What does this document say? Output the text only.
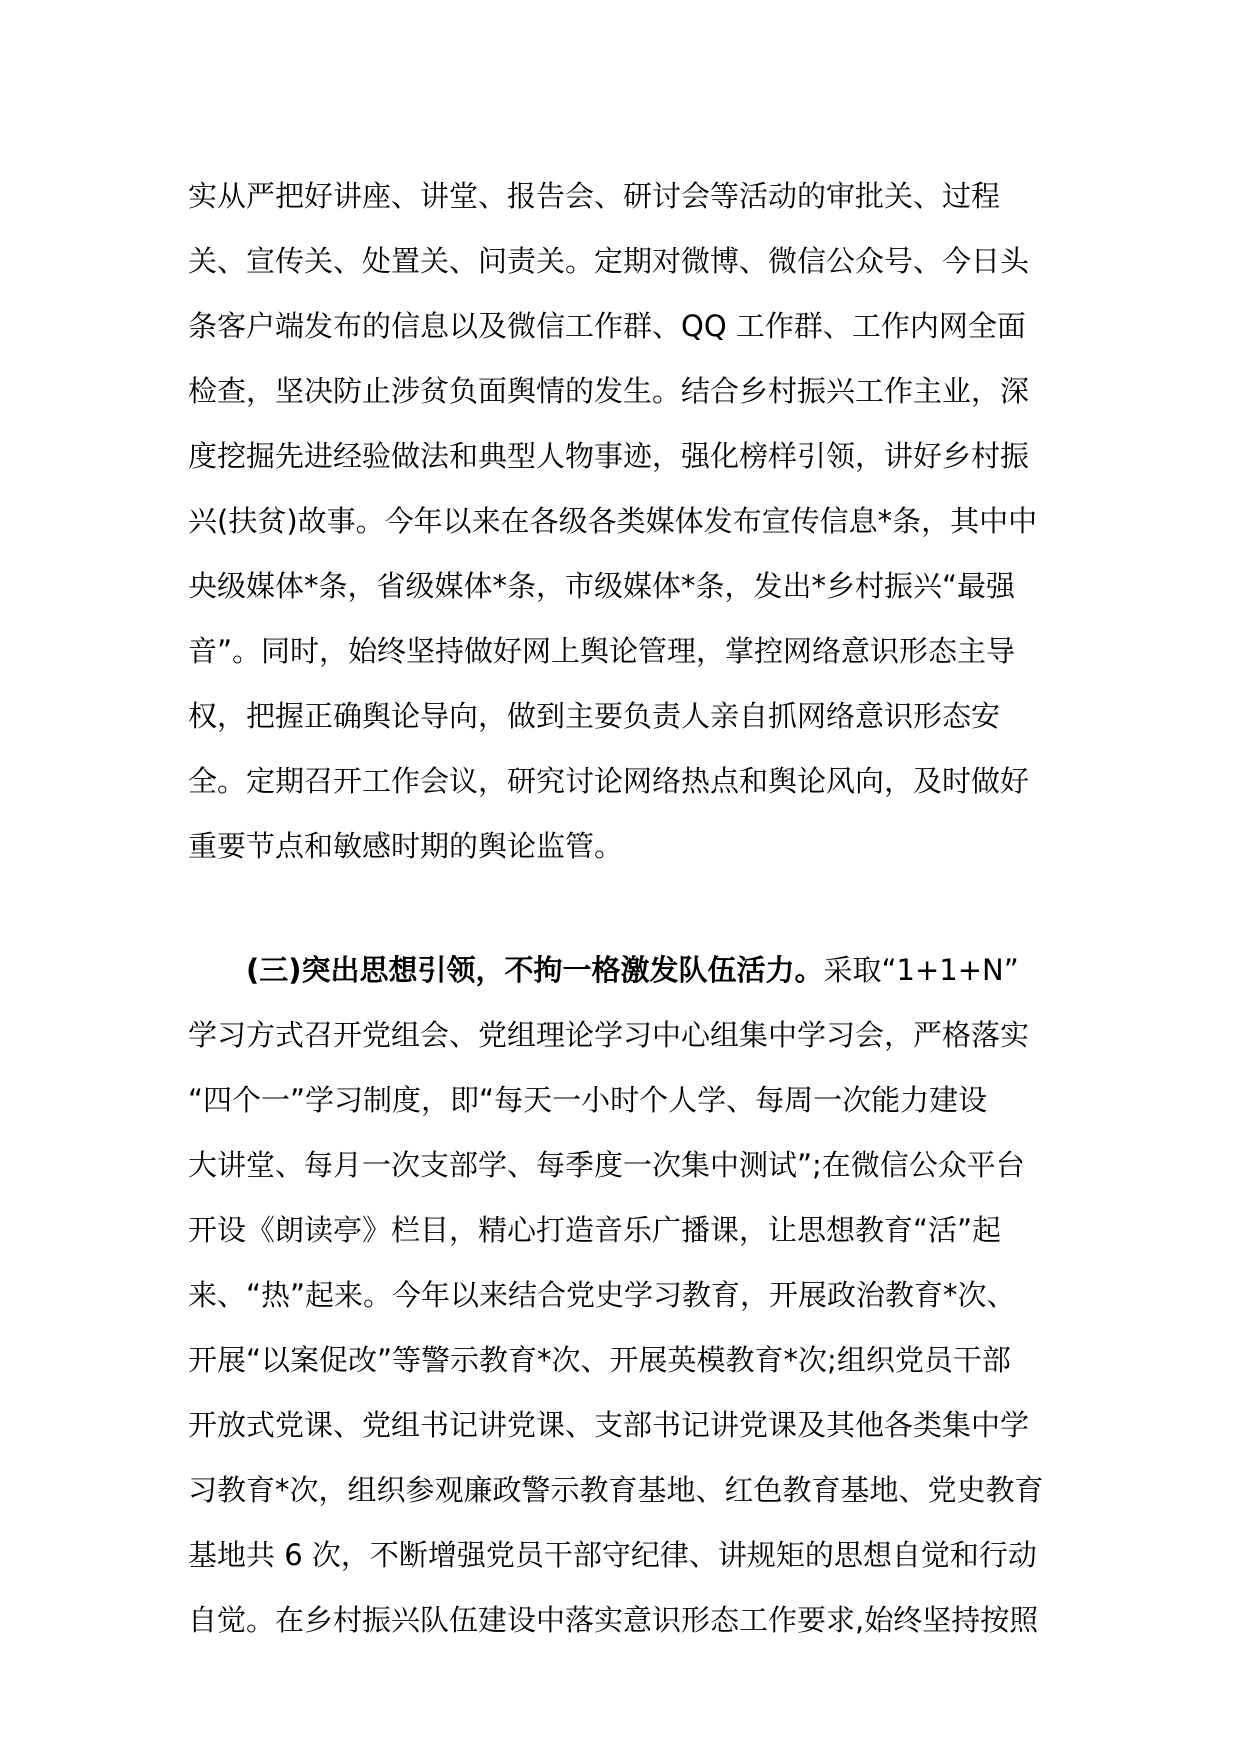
实从严把好讲座、讲堂、报告会、研讨会等活动的审批关、过程
关、宣传关、处置关、问责关。定期对微博、微信公众号、今日头
条客户端发布的信息以及微信工作群、QQ 工作群、工作内网全面
检查，坚决防止涉贫负面舆情的发生。结合乡村振兴工作主业，深
度挖掘先进经验做法和典型人物事迹，强化榜样引领，讲好乡村振
兴(扶贫)故事。今年以来在各级各类媒体发布宣传信息*条，其中中
央级媒体*条，省级媒体*条，市级媒体*条，发出*乡村振兴“最强
音”。同时，始终坚持做好网上舆论管理，掌控网络意识形态主导
权，把握正确舆论导向，做到主要负责人亲自抓网络意识形态安
全。定期召开工作会议，研究讨论网络热点和舆论风向，及时做好
重要节点和敏感时期的舆论监管。
(三)突出思想引领，不拘一格激发队伍活力。采取“1+1+N”
学习方式召开党组会、党组理论学习中心组集中学习会，严格落实
“四个一”学习制度，即“每天一小时个人学、每周一次能力建设
大讲堂、每月一次支部学、每季度一次集中测试”;在微信公众平台
开设《朗读亭》栏目，精心打造音乐广播课，让思想教育“活”起
来、“热”起来。今年以来结合党史学习教育，开展政治教育*次、
开展“以案促改”等警示教育*次、开展英模教育*次;组织党员干部
开放式党课、党组书记讲党课、支部书记讲党课及其他各类集中学
习教育*次，组织参观廉政警示教育基地、红色教育基地、党史教育
基地共 6 次，不断增强党员干部守纪律、讲规矩的思想自觉和行动
自觉。在乡村振兴队伍建设中落实意识形态工作要求,始终坚持按照
